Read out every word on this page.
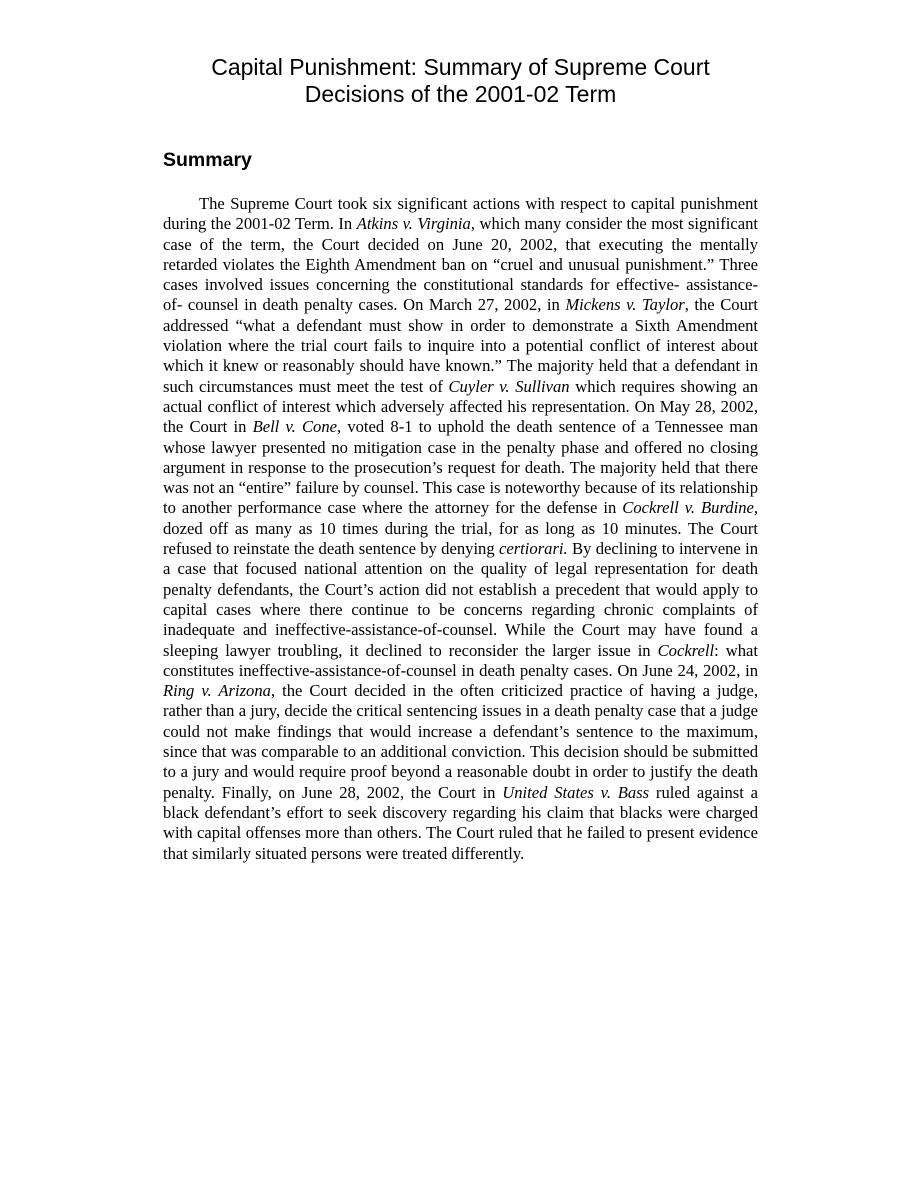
Capital Punishment: Summary of Supreme Court
Decisions of the 2001-02 Term
Summary

The Supreme Court took six significant actions with respect to capital punishment during the 2001-02 Term. In Atkins v. Virginia, which many consider the most significant case of the term, the Court decided on June 20, 2002, that executing the mentally retarded violates the Eighth Amendment ban on “cruel and unusual punishment.” Three cases involved issues concerning the constitutional standards for effective- assistance- of- counsel in death penalty cases. On March 27, 2002, in Mickens v. Taylor, the Court addressed “what a defendant must show in order to demonstrate a Sixth Amendment violation where the trial court fails to inquire into a potential conflict of interest about which it knew or reasonably should have known.” The majority held that a defendant in such circumstances must meet the test of Cuyler v. Sullivan which requires showing an actual conflict of interest which adversely affected his representation. On May 28, 2002, the Court in Bell v. Cone, voted 8-1 to uphold the death sentence of a Tennessee man whose lawyer presented no mitigation case in the penalty phase and offered no closing argument in response to the prosecution’s request for death. The majority held that there was not an “entire” failure by counsel. This case is noteworthy because of its relationship to another performance case where the attorney for the defense in Cockrell v. Burdine, dozed off as many as 10 times during the trial, for as long as 10 minutes. The Court refused to reinstate the death sentence by denying certiorari. By declining to intervene in a case that focused national attention on the quality of legal representation for death penalty defendants, the Court’s action did not establish a precedent that would apply to capital cases where there continue to be concerns regarding chronic complaints of inadequate and ineffective-assistance-of-counsel. While the Court may have found a sleeping lawyer troubling, it declined to reconsider the larger issue in Cockrell: what constitutes ineffective-assistance-of-counsel in death penalty cases. On June 24, 2002, in Ring v. Arizona, the Court decided in the often criticized practice of having a judge, rather than a jury, decide the critical sentencing issues in a death penalty case that a judge could not make findings that would increase a defendant’s sentence to the maximum, since that was comparable to an additional conviction. This decision should be submitted to a jury and would require proof beyond a reasonable doubt in order to justify the death penalty. Finally, on June 28, 2002, the Court in United States v. Bass ruled against a black defendant’s effort to seek discovery regarding his claim that blacks were charged with capital offenses more than others. The Court ruled that he failed to present evidence that similarly situated persons were treated differently.
